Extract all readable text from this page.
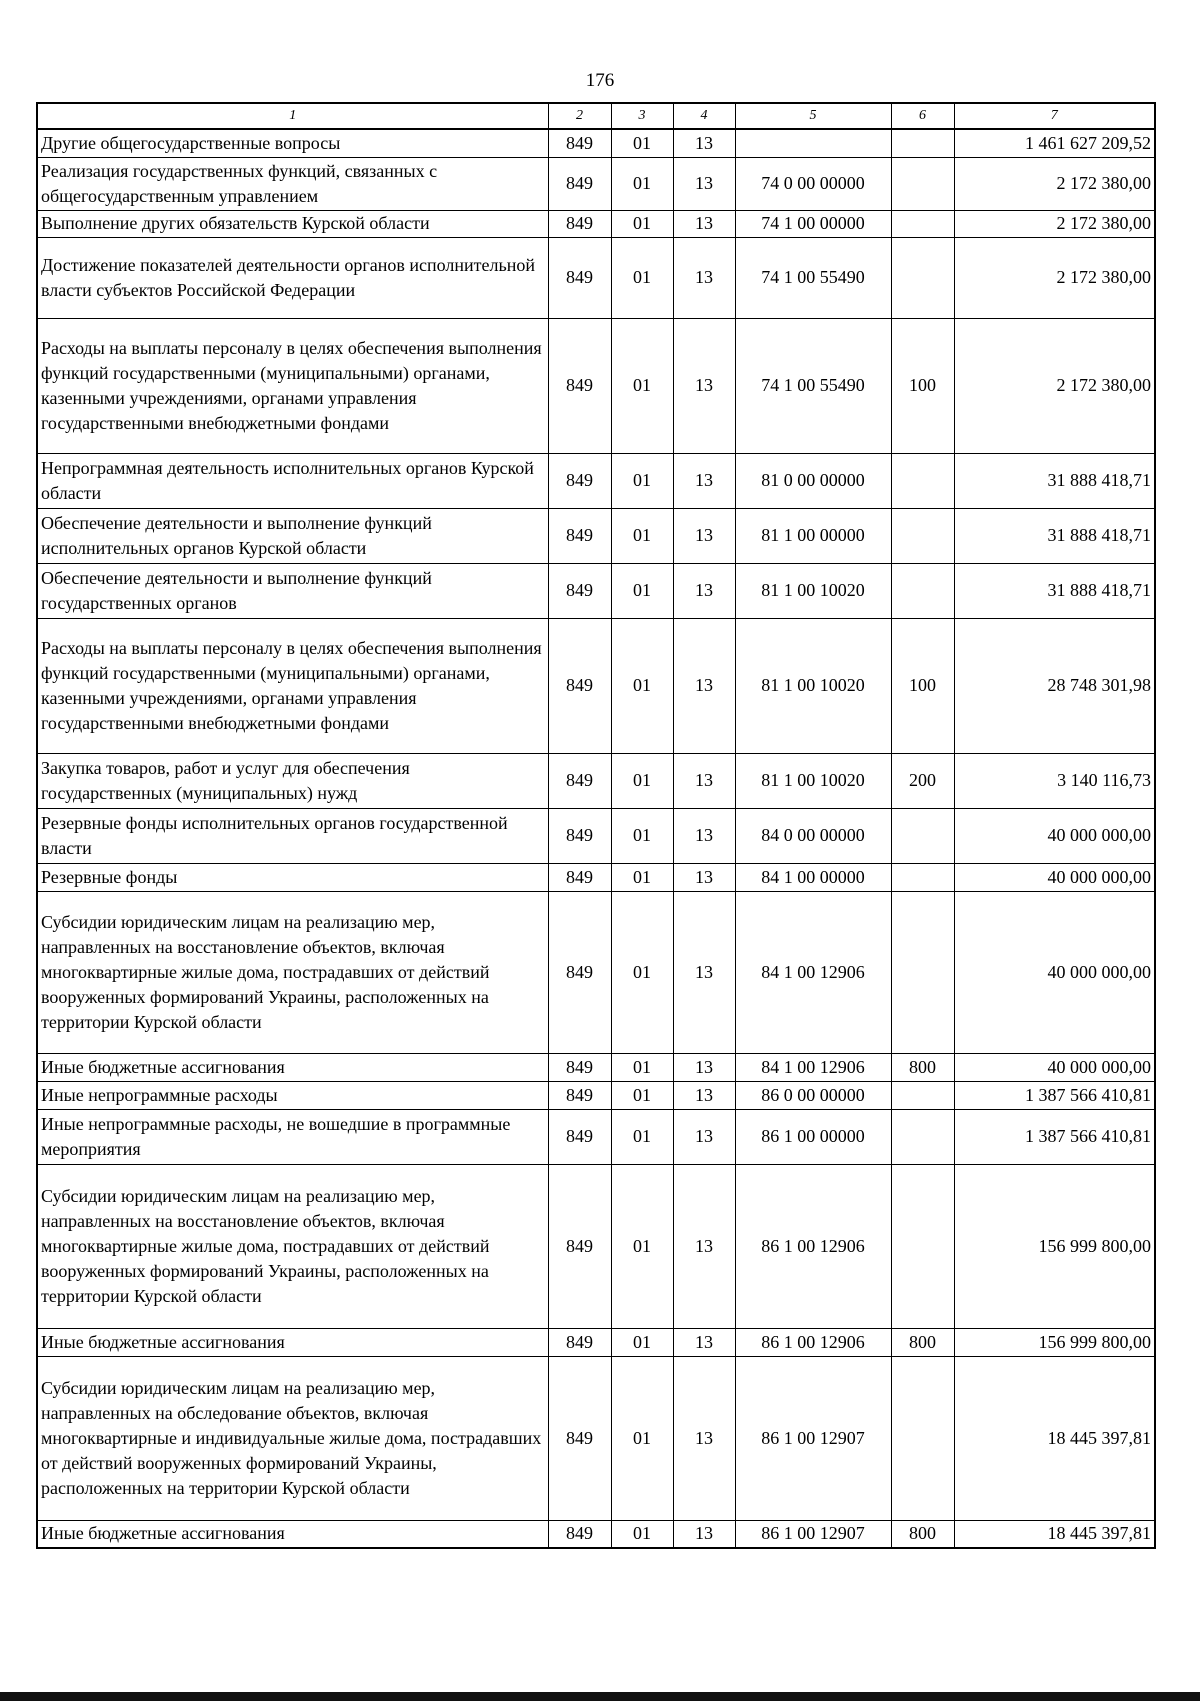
176
1	2	3	4	5	6	7
Другие общегосударственные вопросы	849	01	13			1 461 627 209,52
Реализация государственных функций, связанных с общегосударственным управлением	849	01	13	74 0 00 00000		2 172 380,00
Выполнение других обязательств Курской области	849	01	13	74 1 00 00000		2 172 380,00
Достижение показателей деятельности органов исполнительной власти субъектов Российской Федерации	849	01	13	74 1 00 55490		2 172 380,00
Расходы на выплаты персоналу в целях обеспечения выполнения функций государственными (муниципальными) органами, казенными учреждениями, органами управления государственными внебюджетными фондами	849	01	13	74 1 00 55490	100	2 172 380,00
Непрограммная деятельность исполнительных органов Курской области	849	01	13	81 0 00 00000		31 888 418,71
Обеспечение деятельности и выполнение функций исполнительных органов Курской области	849	01	13	81 1 00 00000		31 888 418,71
Обеспечение деятельности и выполнение функций государственных органов	849	01	13	81 1 00 10020		31 888 418,71
Расходы на выплаты персоналу в целях обеспечения выполнения функций государственными (муниципальными) органами, казенными учреждениями, органами управления государственными внебюджетными фондами	849	01	13	81 1 00 10020	100	28 748 301,98
Закупка товаров, работ и услуг для обеспечения государственных (муниципальных) нужд	849	01	13	81 1 00 10020	200	3 140 116,73
Резервные фонды исполнительных органов государственной власти	849	01	13	84 0 00 00000		40 000 000,00
Резервные фонды	849	01	13	84 1 00 00000		40 000 000,00
Субсидии юридическим лицам на реализацию мер, направленных на восстановление объектов, включая многоквартирные жилые дома, пострадавших от действий вооруженных формирований Украины, расположенных на территории Курской области	849	01	13	84 1 00 12906		40 000 000,00
Иные бюджетные ассигнования	849	01	13	84 1 00 12906	800	40 000 000,00
Иные непрограммные расходы	849	01	13	86 0 00 00000		1 387 566 410,81
Иные непрограммные расходы, не вошедшие в программные мероприятия	849	01	13	86 1 00 00000		1 387 566 410,81
Субсидии юридическим лицам на реализацию мер, направленных на восстановление объектов, включая многоквартирные жилые дома, пострадавших от действий вооруженных формирований Украины, расположенных на территории Курской области	849	01	13	86 1 00 12906		156 999 800,00
Иные бюджетные ассигнования	849	01	13	86 1 00 12906	800	156 999 800,00
Субсидии юридическим лицам на реализацию мер, направленных на обследование объектов, включая многоквартирные и индивидуальные жилые дома, пострадавших от действий вооруженных формирований Украины, расположенных на территории Курской области	849	01	13	86 1 00 12907		18 445 397,81
Иные бюджетные ассигнования	849	01	13	86 1 00 12907	800	18 445 397,81
